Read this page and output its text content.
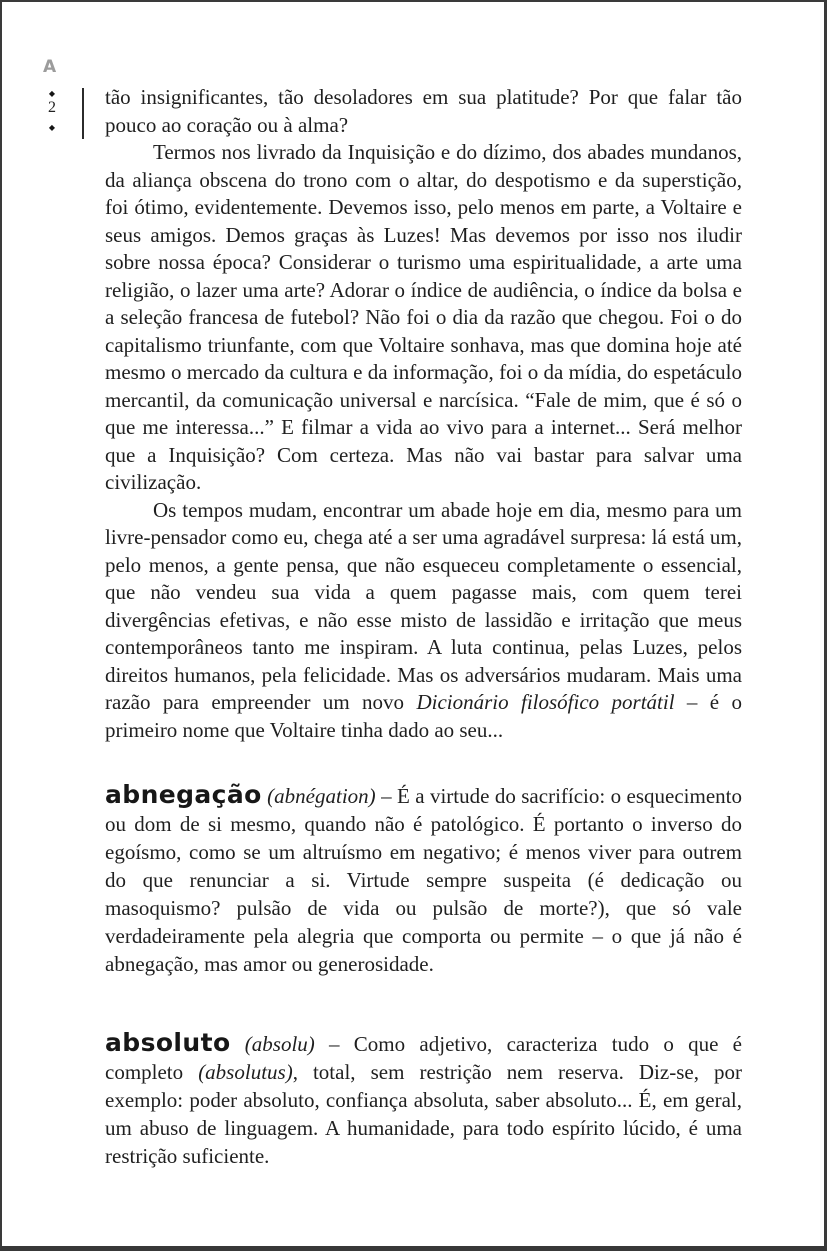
A
◆
2
◆

tão insignificantes, tão desoladores em sua platitude? Por que falar tão pouco ao coração ou à alma?

Termos nos livrado da Inquisição e do dízimo, dos abades mundanos, da aliança obscena do trono com o altar, do despotismo e da superstição, foi ótimo, evidentemente. Devemos isso, pelo menos em parte, a Voltaire e seus amigos. Demos graças às Luzes! Mas devemos por isso nos iludir sobre nossa época? Considerar o turismo uma espiritualidade, a arte uma religião, o lazer uma arte? Adorar o índice de audiência, o índice da bolsa e a seleção francesa de futebol? Não foi o dia da razão que chegou. Foi o do capitalismo triunfante, com que Voltaire sonhava, mas que domina hoje até mesmo o mercado da cultura e da informação, foi o da mídia, do espetáculo mercantil, da comunicação universal e narcísica. “Fale de mim, que é só o que me interessa...” E filmar a vida ao vivo para a internet... Será melhor que a Inquisição? Com certeza. Mas não vai bastar para salvar uma civilização.

Os tempos mudam, encontrar um abade hoje em dia, mesmo para um livre-pensador como eu, chega até a ser uma agradável surpresa: lá está um, pelo menos, a gente pensa, que não esqueceu completamente o essencial, que não vendeu sua vida a quem pagasse mais, com quem terei divergências efetivas, e não esse misto de lassidão e irritação que meus contemporâneos tanto me inspiram. A luta continua, pelas Luzes, pelos direitos humanos, pela felicidade. Mas os adversários mudaram. Mais uma razão para empreender um novo Dicionário filosófico portátil – é o primeiro nome que Voltaire tinha dado ao seu...

abnegação (abnégation) – É a virtude do sacrifício: o esquecimento ou dom de si mesmo, quando não é patológico. É portanto o inverso do egoísmo, como se um altruísmo em negativo; é menos viver para outrem do que renunciar a si. Virtude sempre suspeita (é dedicação ou masoquismo? pulsão de vida ou pulsão de morte?), que só vale verdadeiramente pela alegria que comporta ou permite – o que já não é abnegação, mas amor ou generosidade.

absoluto (absolu) – Como adjetivo, caracteriza tudo o que é completo (absolutus), total, sem restrição nem reserva. Diz-se, por exemplo: poder absoluto, confiança absoluta, saber absoluto... É, em geral, um abuso de linguagem. A humanidade, para todo espírito lúcido, é uma restrição suficiente.
